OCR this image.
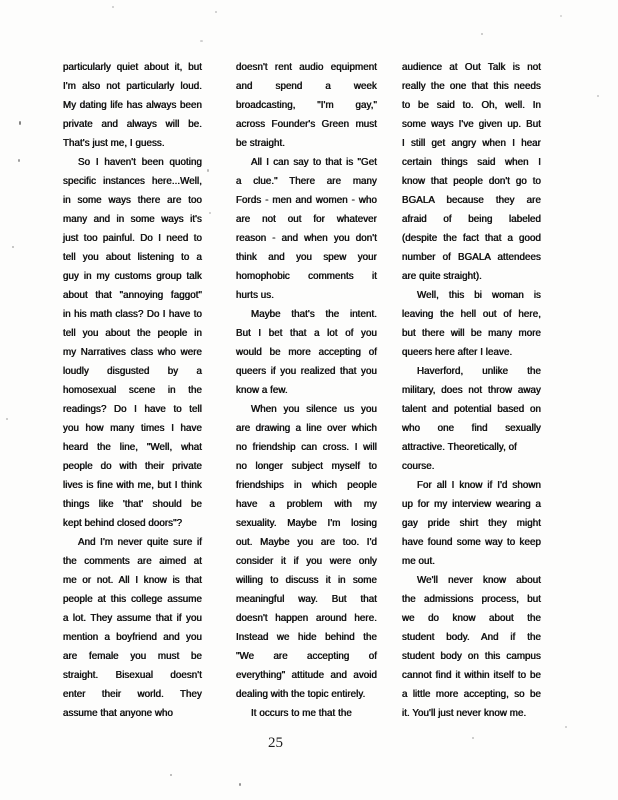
particularly quiet about it, but
I'm also not particularly loud.
My dating life has always been
private and always will be.
That's just me, I guess.
So I haven't been quoting
specific instances here...Well,
in some ways there are too
many and in some ways it's
just too painful. Do I need to
tell you about listening to a
guy in my customs group talk
about that "annoying faggot"
in his math class? Do I have to
tell you about the people in
my Narratives class who were
loudly disgusted by a
homosexual scene in the
readings? Do I have to tell
you how many times I have
heard the line, "Well, what
people do with their private
lives is fine with me, but I think
things like 'that' should be
kept behind closed doors"?
And I'm never quite sure if
the comments are aimed at
me or not. All I know is that
people at this college assume
a lot. They assume that if you
mention a boyfriend and you
are female you must be
straight. Bisexual doesn't
enter their world. They
assume that anyone who
doesn't rent audio equipment
and spend a week
broadcasting, "I'm gay,"
across Founder's Green must
be straight.
All I can say to that is "Get
a clue." There are many
Fords - men and women - who
are not out for whatever
reason - and when you don't
think and you spew your
homophobic comments it
hurts us.
Maybe that's the intent.
But I bet that a lot of you
would be more accepting of
queers if you realized that you
know a few.
When you silence us you
are drawing a line over which
no friendship can cross. I will
no longer subject myself to
friendships in which people
have a problem with my
sexuality. Maybe I'm losing
out. Maybe you are too. I'd
consider it if you were only
willing to discuss it in some
meaningful way. But that
doesn't happen around here.
Instead we hide behind the
"We are accepting of
everything" attitude and avoid
dealing with the topic entirely.
It occurs to me that the
audience at Out Talk is not
really the one that this needs
to be said to. Oh, well. In
some ways I've given up. But
I still get angry when I hear
certain things said when I
know that people don't go to
BGALA because they are
afraid of being labeled
(despite the fact that a good
number of BGALA attendees
are quite straight).
Well, this bi woman is
leaving the hell out of here,
but there will be many more
queers here after I leave.
Haverford, unlike the
military, does not throw away
talent and potential based on
who one find sexually
attractive. Theoretically, of
course.
For all I know if I'd shown
up for my interview wearing a
gay pride shirt they might
have found some way to keep
me out.
We'll never know about
the admissions process, but
we do know about the
student body. And if the
student body on this campus
cannot find it within itself to be
a little more accepting, so be
it. You'll just never know me.
25
